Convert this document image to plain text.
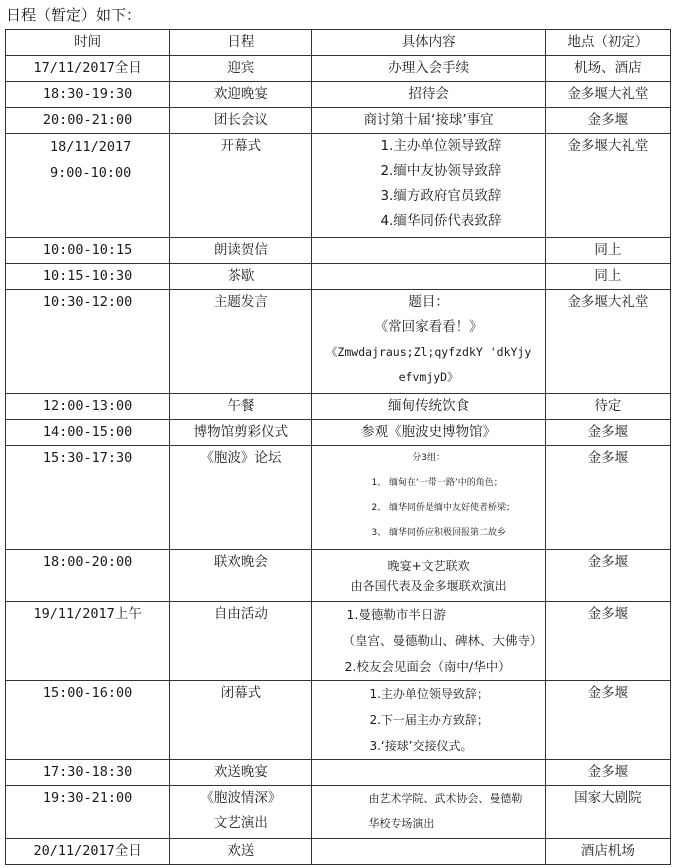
日程（暂定）如下：
时间	日程	具体内容	地点（初定）

17/11/2017全日	迎宾	办理入会手续	机场、酒店

18:30-19:30	欢迎晚宴	招待会	金多堰大礼堂

20:00-21:00	团长会议	商讨第十届‘接球’事宜	金多堰

18/11/2017
9:00-10:00	开幕式	1.主办单位领导致辞
2.缅中友协领导致辞
3.缅方政府官员致辞
4.缅华同侨代表致辞	金多堰大礼堂

10:00-10:15	朗读贺信		同上

10:15-10:30	茶歇		同上

10:30-12:00	主题发言	题目：
《常回家看看！》
《Zmwdajraus;Zl;qyfzdkY 'dkYjy
efvmjyD》	金多堰大礼堂

12:00-13:00	午餐	缅甸传统饮食	待定

14:00-15:00	博物馆剪彩仪式	参观《胞波史博物馆》	金多堰

15:30-17:30	《胞波》论坛	分3组：
1、 缅甸在‘一带一路’中的角色；
2、 缅华同侨是缅中友好使者桥梁；
3、 缅华同侨应积极回报第二故乡	金多堰

18:00-20:00	联欢晚会	晚宴+文艺联欢
由各国代表及金多堰联欢演出	金多堰

19/11/2017上午	自由活动	1.曼德勒市半日游
（皇宫、曼德勒山、碑林、大佛寺）
2.校友会见面会（南中/华中）	金多堰

15:00-16:00	闭幕式	1.主办单位领导致辞；
2.下一届主办方致辞；
3.‘接球’交接仪式。	金多堰

17:30-18:30	欢送晚宴		金多堰

19:30-21:00	《胞波情深》
文艺演出	由艺术学院、武术协会、曼德勒
华校专场演出	国家大剧院

20/11/2017全日	欢送		酒店机场
